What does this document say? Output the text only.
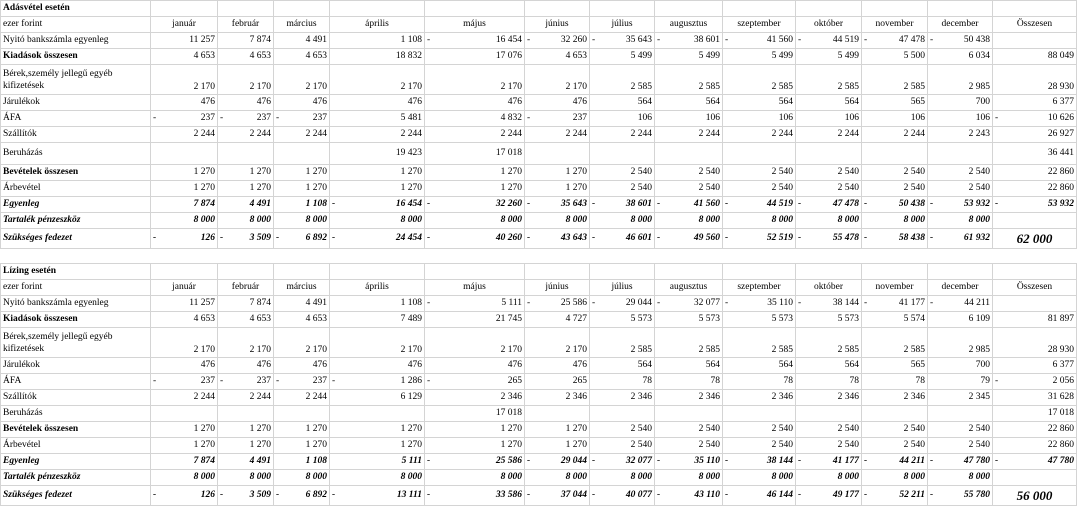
Adásvétel esetén													
ezer forint	január	február	március	április	május	június	július	augusztus	szeptember	október	november	december	Összesen
Nyitó bankszámla egyenleg	11 257	7 874	4 491	1 108	- 16 454	- 32 260	- 35 643	- 38 601	- 41 560	- 44 519	- 47 478	- 50 438	
Kiadások összesen	4 653	4 653	4 653	18 832	17 076	4 653	5 499	5 499	5 499	5 499	5 500	6 034	88 049
Bérek,személy jellegű egyéb kifizetések	2 170	2 170	2 170	2 170	2 170	2 170	2 585	2 585	2 585	2 585	2 585	2 985	28 930
Járulékok	476	476	476	476	476	476	564	564	564	564	565	700	6 377
ÁFA	- 237	- 237	- 237	5 481	4 832	- 237	106	106	106	106	106	106	- 10 626
Szállítók	2 244	2 244	2 244	2 244	2 244	2 244	2 244	2 244	2 244	2 244	2 244	2 243	26 927
Beruházás				19 423	17 018								36 441
Bevételek összesen	1 270	1 270	1 270	1 270	1 270	1 270	2 540	2 540	2 540	2 540	2 540	2 540	22 860
Árbevétel	1 270	1 270	1 270	1 270	1 270	1 270	2 540	2 540	2 540	2 540	2 540	2 540	22 860
Egyenleg	7 874	4 491	1 108	- 16 454	- 32 260	- 35 643	- 38 601	- 41 560	- 44 519	- 47 478	- 50 438	- 53 932	- 53 932
Tartalék pénzeszköz	8 000	8 000	8 000	8 000	8 000	8 000	8 000	8 000	8 000	8 000	8 000	8 000	
Szükséges fedezet	- 126	- 3 509	- 6 892	- 24 454	- 40 260	- 43 643	- 46 601	- 49 560	- 52 519	- 55 478	- 58 438	- 61 932	62 000
Lízing esetén													
ezer forint	január	február	március	április	május	június	július	augusztus	szeptember	október	november	december	Összesen
Nyitó bankszámla egyenleg	11 257	7 874	4 491	1 108	- 5 111	- 25 586	- 29 044	- 32 077	- 35 110	- 38 144	- 41 177	- 44 211	
Kiadások összesen	4 653	4 653	4 653	7 489	21 745	4 727	5 573	5 573	5 573	5 573	5 574	6 109	81 897
Bérek,személy jellegű egyéb kifizetések	2 170	2 170	2 170	2 170	2 170	2 170	2 585	2 585	2 585	2 585	2 585	2 985	28 930
Járulékok	476	476	476	476	476	476	564	564	564	564	565	700	6 377
ÁFA	- 237	- 237	- 237	- 1 286	- 265	265	78	78	78	78	78	79	- 2 056
Szállítók	2 244	2 244	2 244	6 129	2 346	2 346	2 346	2 346	2 346	2 346	2 346	2 345	31 628
Beruházás					17 018								17 018
Bevételek összesen	1 270	1 270	1 270	1 270	1 270	1 270	2 540	2 540	2 540	2 540	2 540	2 540	22 860
Árbevétel	1 270	1 270	1 270	1 270	1 270	1 270	2 540	2 540	2 540	2 540	2 540	2 540	22 860
Egyenleg	7 874	4 491	1 108	5 111	- 25 586	- 29 044	- 32 077	- 35 110	- 38 144	- 41 177	- 44 211	- 47 780	- 47 780
Tartalék pénzeszköz	8 000	8 000	8 000	8 000	8 000	8 000	8 000	8 000	8 000	8 000	8 000	8 000	
Szükséges fedezet	- 126	- 3 509	- 6 892	- 13 111	- 33 586	- 37 044	- 40 077	- 43 110	- 46 144	- 49 177	- 52 211	- 55 780	56 000
